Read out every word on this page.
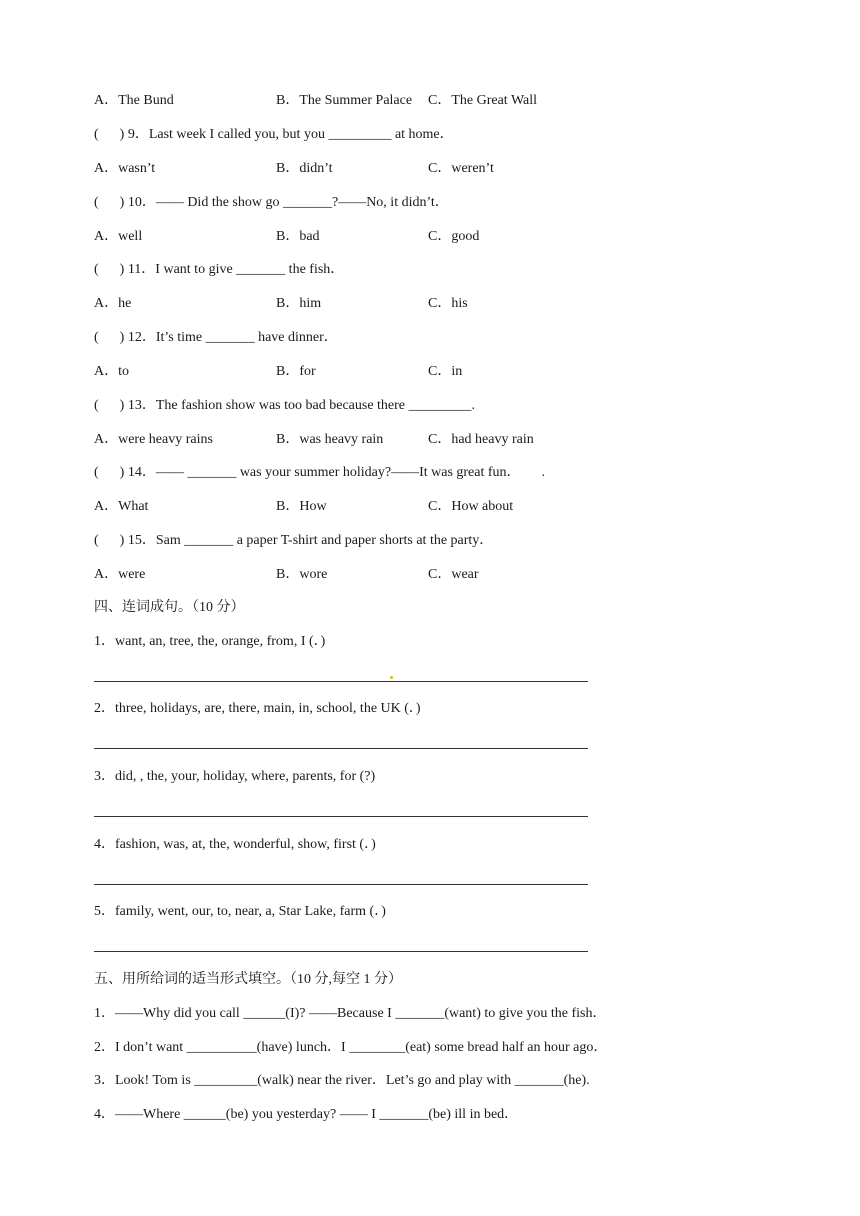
A．The Bund	B．The Summer Palace C．The Great Wall
(      ) 9．Last week I called you, but you _________ at home．
A．wasn’t	B．didn’t	C．weren’t
(      ) 10．—— Did the show go _______?——No, it didn’t．
A．well	B．bad	C．good
(      ) 11．I want to give _______ the fish．
A．he	B．him	C．his
(      ) 12．It’s time _______ have dinner．
A．to	B．for	C．in
(      ) 13．The fashion show was too bad because there _________.
A．were heavy rains	B．was heavy rain	C．had heavy rain
(      ) 14．—— _______ was your summer holiday?——It was great fun．      .
A．What	B．How	C．How about
(      ) 15．Sam _______ a paper T-shirt and paper shorts at the party．
A．were	B．wore	C．wear
四、连词成句。（10 分）
1．want, an, tree, the, orange, from, I (．)
2．three, holidays, are, there, main, in, school, the UK (．)
3．did, , the, your, holiday, where, parents, for (?)
4．fashion, was, at, the, wonderful, show, first (．)
5．family, went, our, to, near, a, Star Lake, farm (．)
五、用所给词的适当形式填空。（10 分,每空 1 分）
1．——Why did you call ______(I)? ——Because I _______(want) to give you the fish．
2．I don’t want __________(have) lunch．I ________(eat) some bread half an hour ago．
3．Look! Tom is _________(walk) near the river．Let’s go and play with _______(he).
4．——Where ______(be) you yesterday? —— I _______(be) ill in bed．
